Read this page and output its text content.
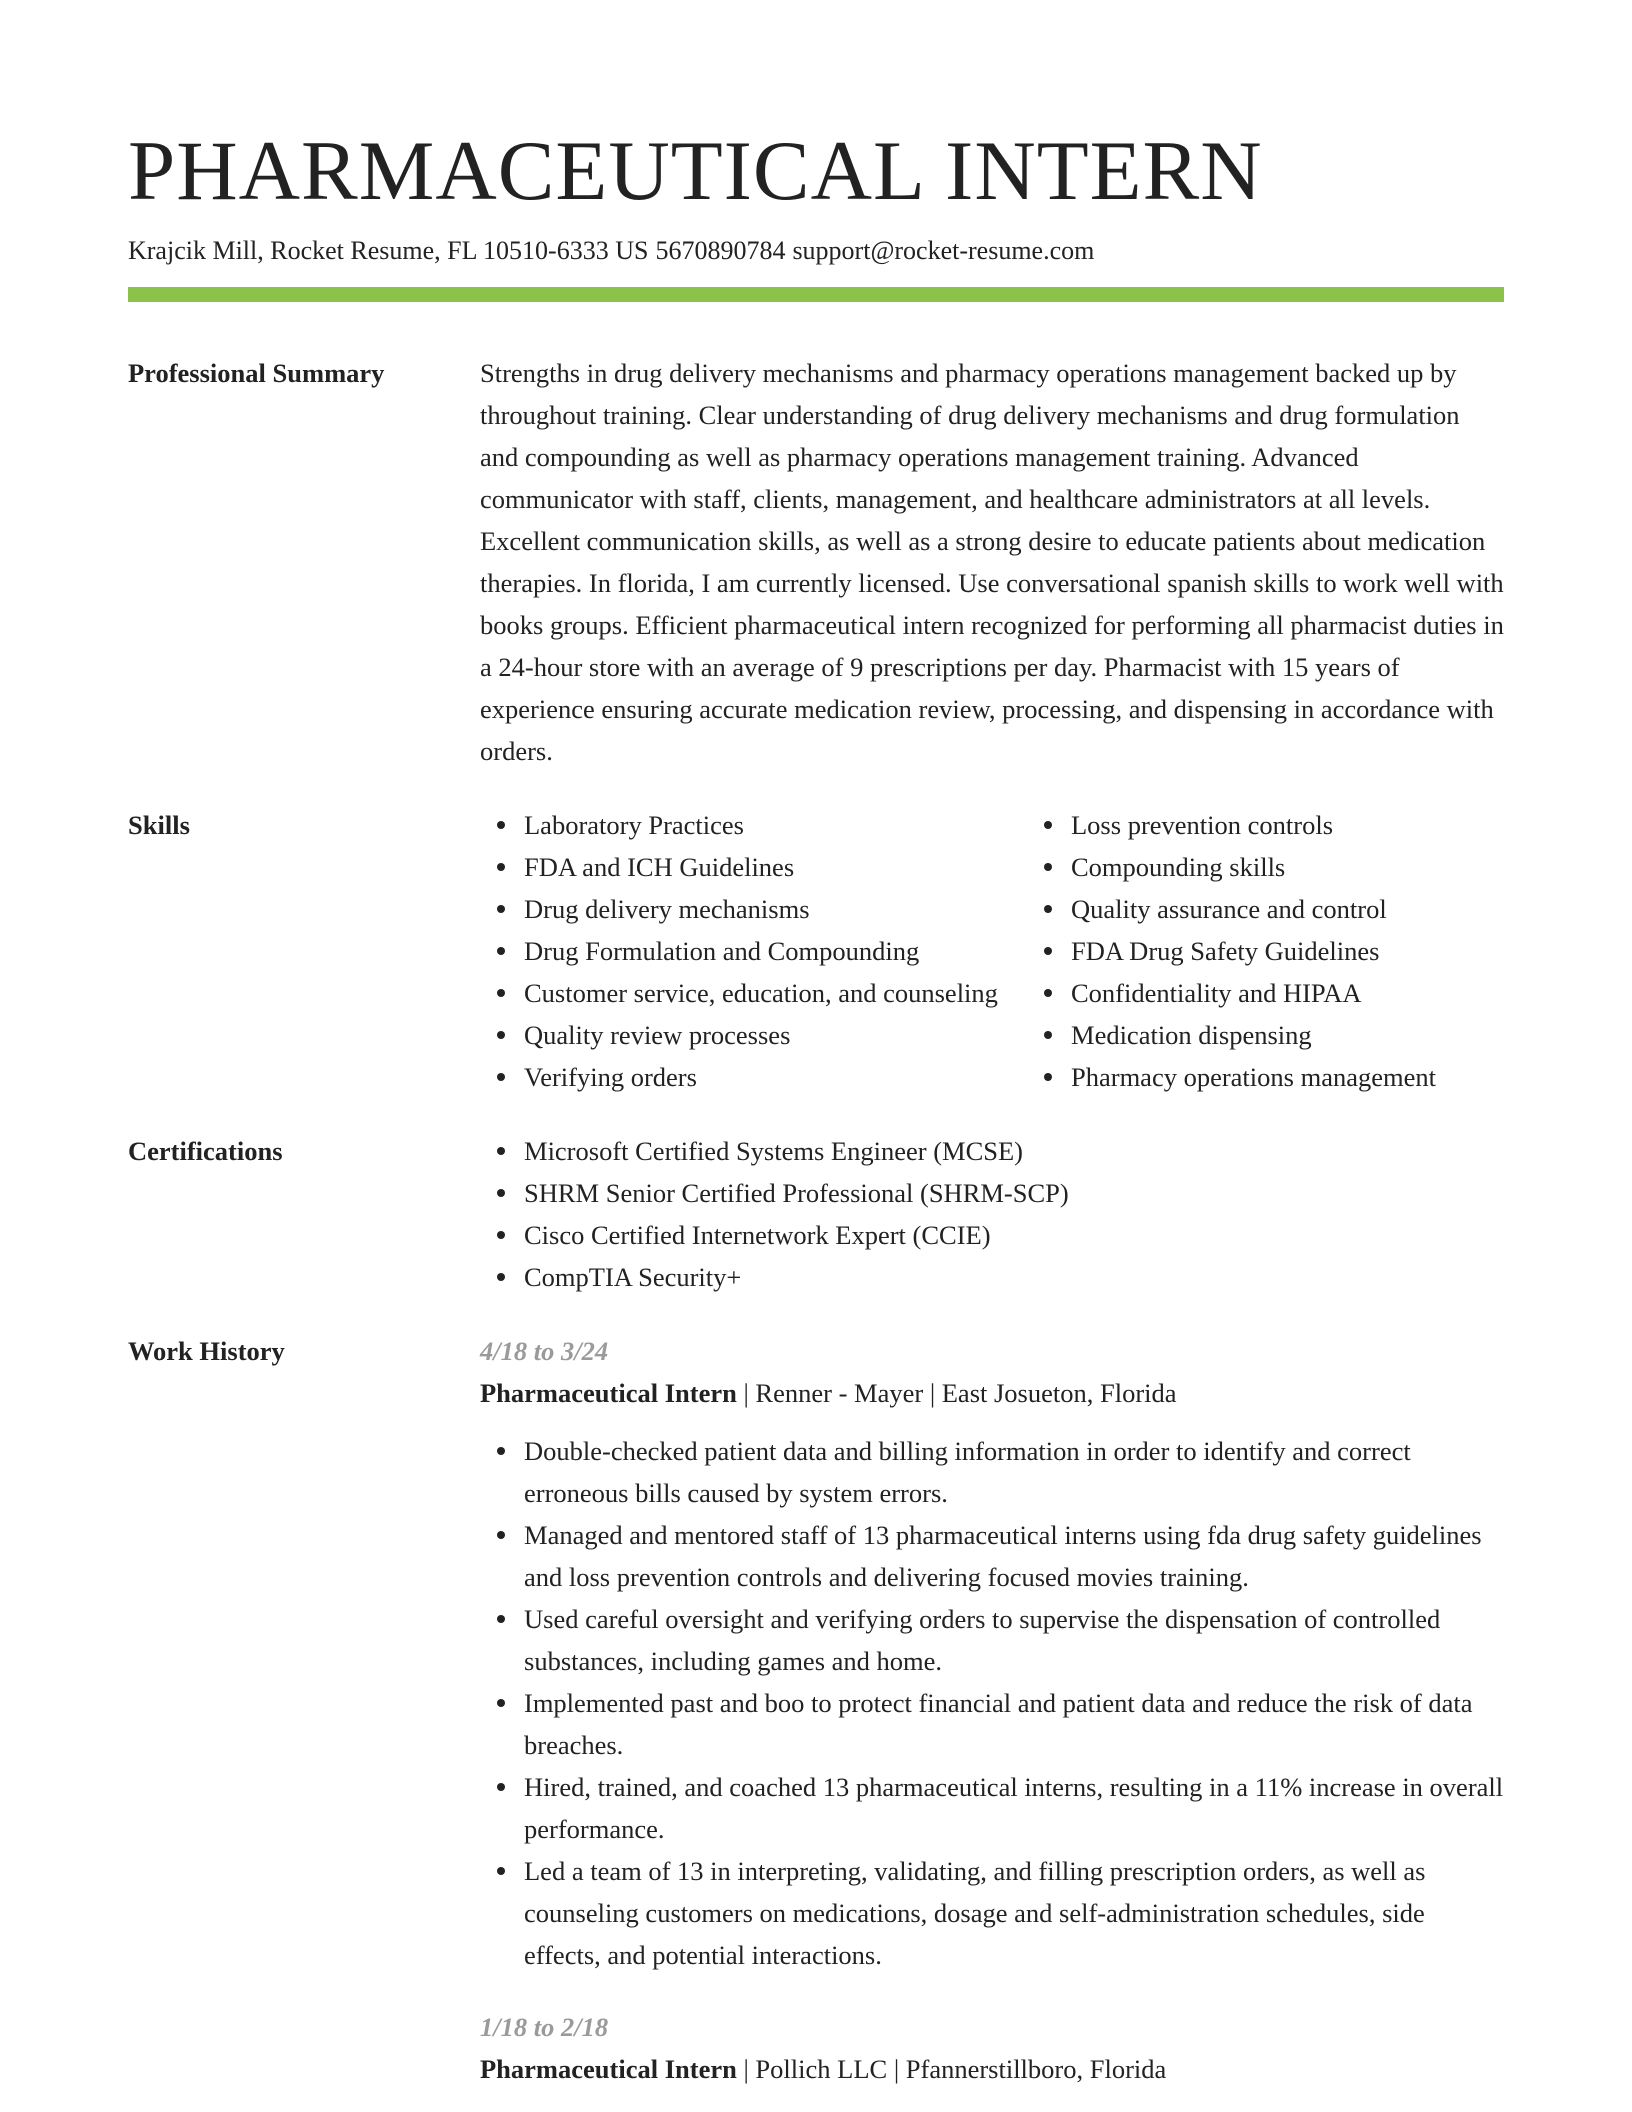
PHARMACEUTICAL INTERN
Krajcik Mill, Rocket Resume, FL 10510-6333 US 5670890784 support@rocket-resume.com
Professional Summary	Strengths in drug delivery mechanisms and pharmacy operations management backed up by throughout training. Clear understanding of drug delivery mechanisms and drug formulation and compounding as well as pharmacy operations management training. Advanced communicator with staff, clients, management, and healthcare administrators at all levels. Excellent communication skills, as well as a strong desire to educate patients about medication therapies. In florida, I am currently licensed. Use conversational spanish skills to work well with books groups. Efficient pharmaceutical intern recognized for performing all pharmacist duties in a 24-hour store with an average of 9 prescriptions per day. Pharmacist with 15 years of experience ensuring accurate medication review, processing, and dispensing in accordance with orders.
Skills	Laboratory Practices
FDA and ICH Guidelines
Drug delivery mechanisms
Drug Formulation and Compounding
Customer service, education, and counseling
Quality review processes
Verifying orders
Loss prevention controls
Compounding skills
Quality assurance and control
FDA Drug Safety Guidelines
Confidentiality and HIPAA
Medication dispensing
Pharmacy operations management
Certifications	Microsoft Certified Systems Engineer (MCSE)
SHRM Senior Certified Professional (SHRM-SCP)
Cisco Certified Internetwork Expert (CCIE)
CompTIA Security+
Work History	4/18 to 3/24
Pharmaceutical Intern | Renner - Mayer | East Josueton, Florida
Double-checked patient data and billing information in order to identify and correct erroneous bills caused by system errors.
Managed and mentored staff of 13 pharmaceutical interns using fda drug safety guidelines and loss prevention controls and delivering focused movies training.
Used careful oversight and verifying orders to supervise the dispensation of controlled substances, including games and home.
Implemented past and boo to protect financial and patient data and reduce the risk of data breaches.
Hired, trained, and coached 13 pharmaceutical interns, resulting in a 11% increase in overall performance.
Led a team of 13 in interpreting, validating, and filling prescription orders, as well as counseling customers on medications, dosage and self-administration schedules, side effects, and potential interactions.
1/18 to 2/18
Pharmaceutical Intern | Pollich LLC | Pfannerstillboro, Florida
